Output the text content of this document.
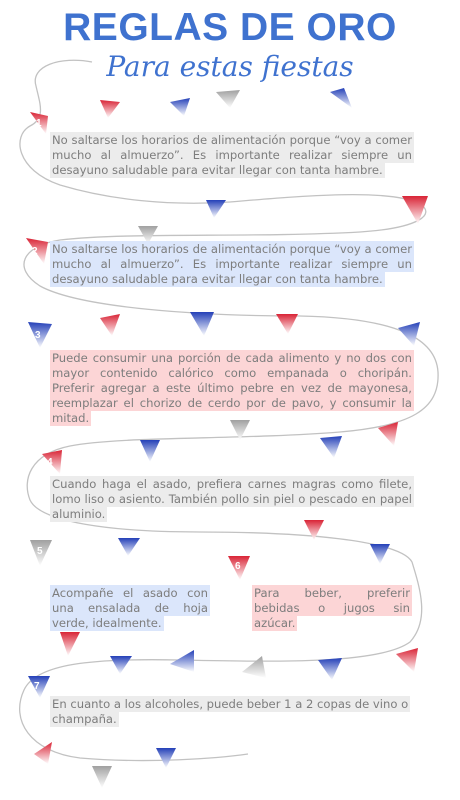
1
2
3
4
5
6
7
REGLAS DE ORO
Para estas fiestas

No saltarse los horarios de alimentación porque “voy a comer mucho al almuerzo”. Es importante realizar siempre un desayuno saludable para evitar llegar con tanta hambre.

No saltarse los horarios de alimentación porque “voy a comer mucho al almuerzo”. Es importante realizar siempre un desayuno saludable para evitar llegar con tanta hambre.

Puede consumir una porción de cada alimento y no dos con mayor contenido calórico como empanada o choripán. Preferir agregar a este último pebre en vez de mayonesa, reemplazar el chorizo de cerdo por de pavo, y consumir la mitad.

Cuando haga el asado, prefiera carnes magras como filete, lomo liso o asiento. También pollo sin piel o pescado en papel aluminio.

Acompañe el asado con una ensalada de hoja verde, idealmente.

Para beber, preferir bebidas o jugos sin azúcar.

En cuanto a los alcoholes, puede beber 1 a 2 copas de vino o champaña.
